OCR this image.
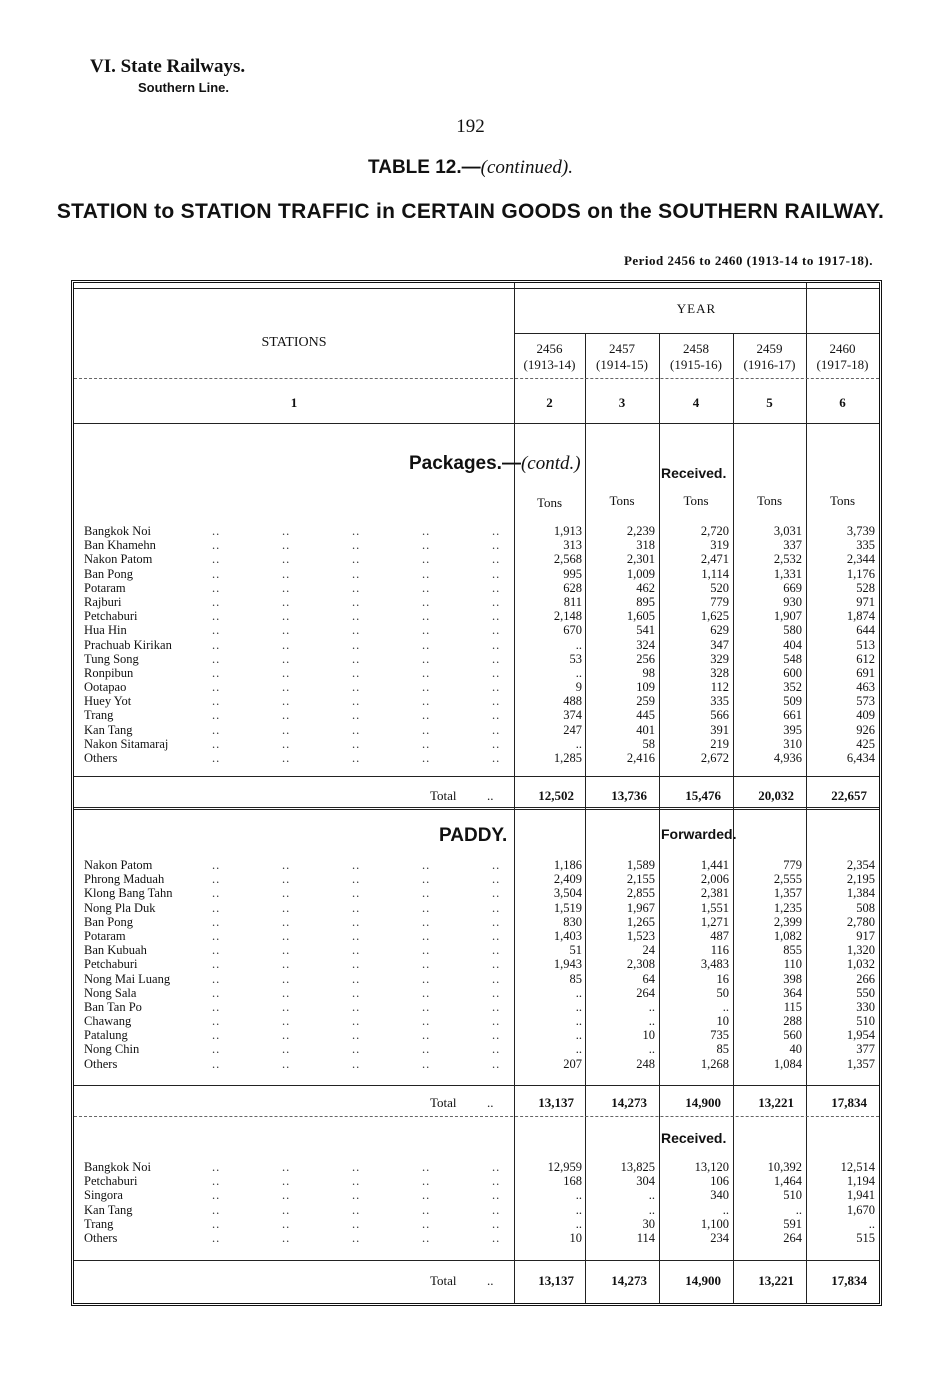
VI. State Railways.
Southern Line.
192
TABLE 12.—(continued).
STATION to STATION TRAFFIC in CERTAIN GOODS on the SOUTHERN RAILWAY.
Period 2456 to 2460 (1913-14 to 1917-18).
YEAR
STATIONS	2456
(1913-14)
2457
(1914-15)
2458
(1915-16)
2459
(1916-17)
2460
(1917-18)
1	2	3	4	5	6
Packages.—(contd.)	Received.
Tons	Tons	Tons	Tons	Tons
Bangkok Noi	..	..	..	..	..	1,913	2,239	2,720	3,031	3,739
Ban Khamehn	..	..	..	..	..	313	318	319	337	335
Nakon Patom	..	..	..	..	..	2,568	2,301	2,471	2,532	2,344
Ban Pong	..	..	..	..	..	995	1,009	1,114	1,331	1,176
Potaram	..	..	..	..	..	628	462	520	669	528
Rajburi	..	..	..	..	..	811	895	779	930	971
Petchaburi	..	..	..	..	..	2,148	1,605	1,625	1,907	1,874
Hua Hin	..	..	..	..	..	670	541	629	580	644
Prachuab Kirikan	..	..	..	..	..	..	324	347	404	513
Tung Song	..	..	..	..	..	53	256	329	548	612
Ronpibun	..	..	..	..	..	..	98	328	600	691
Ootapao	..	..	..	..	..	9	109	112	352	463
Huey Yot	..	..	..	..	..	488	259	335	509	573
Trang	..	..	..	..	..	374	445	566	661	409
Kan Tang	..	..	..	..	..	247	401	391	395	926
Nakon Sitamaraj	..	..	..	..	..	..	58	219	310	425
Others	..	..	..	..	..	1,285	2,416	2,672	4,936	6,434
Total ..	12,502	13,736	15,476	20,032	22,657
PADDY.	Forwarded.
Nakon Patom	..	..	..	..	..	1,186	1,589	1,441	779	2,354
Phrong Maduah	..	..	..	..	..	2,409	2,155	2,006	2,555	2,195
Klong Bang Tahn	..	..	..	..	..	3,504	2,855	2,381	1,357	1,384
Nong Pla Duk	..	..	..	..	..	1,519	1,967	1,551	1,235	508
Ban Pong	..	..	..	..	..	830	1,265	1,271	2,399	2,780
Potaram	..	..	..	..	..	1,403	1,523	487	1,082	917
Ban Kubuah	..	..	..	..	..	51	24	116	855	1,320
Petchaburi	..	..	..	..	..	1,943	2,308	3,483	110	1,032
Nong Mai Luang	..	..	..	..	..	85	64	16	398	266
Nong Sala	..	..	..	..	..	..	264	50	364	550
Ban Tan Po	..	..	..	..	..	..	..	..	115	330
Chawang	..	..	..	..	..	..	..	10	288	510
Patalung	..	..	..	..	..	..	10	735	560	1,954
Nong Chin	..	..	..	..	..	..	..	85	40	377
Others	..	..	..	..	..	207	248	1,268	1,084	1,357
Total ..	13,137	14,273	14,900	13,221	17,834
Received.
Bangkok Noi	..	..	..	..	..	12,959	13,825	13,120	10,392	12,514
Petchaburi	..	..	..	..	..	168	304	106	1,464	1,194
Singora	..	..	..	..	..	..	..	340	510	1,941
Kan Tang	..	..	..	..	..	..	..	..	..	1,670
Trang	..	..	..	..	..	..	30	1,100	591	..
Others	..	..	..	..	..	10	114	234	264	515
Total ..	13,137	14,273	14,900	13,221	17,834
